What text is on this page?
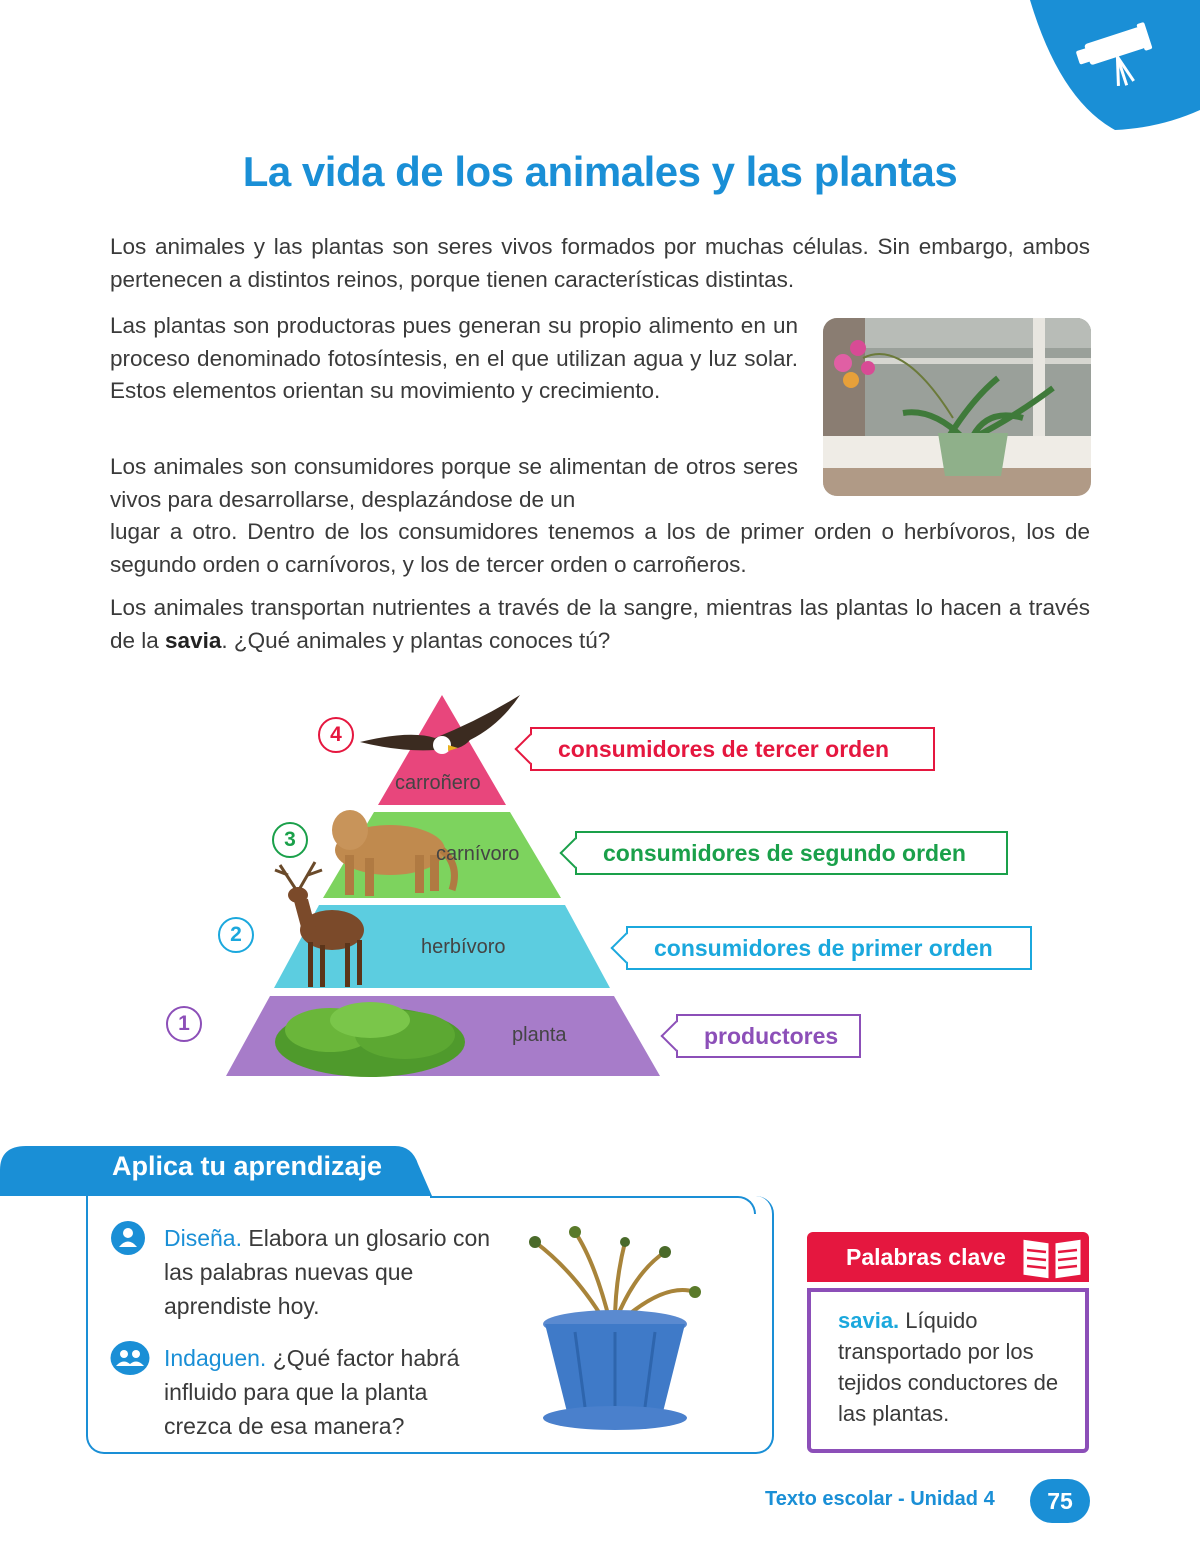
La vida de los animales y las plantas

Los animales y las plantas son seres vivos formados por muchas células. Sin embargo, ambos pertenecen a distintos reinos, porque tienen características distintas.

Las plantas son productoras pues generan su propio alimento en un proceso denominado fotosíntesis, en el que utilizan agua y luz solar. Estos elementos orientan su movimiento y crecimiento.

Los animales son consumidores porque se alimentan de otros seres vivos para desarrollarse, desplazándose de un

lugar a otro. Dentro de los consumidores tenemos a los de primer orden o herbívoros, los de segundo orden o carnívoros, y los de tercer orden o carroñeros.

Los animales transportan nutrientes a través de la sangre, mientras las plantas lo hacen a través de la savia. ¿Qué animales y plantas conoces tú?

carroñero
carnívoro
herbívoro
planta
4
3
2
1
consumidores de tercer orden
consumidores de segundo orden
consumidores de primer orden
productores
Aplica tu aprendizaje
Diseña. Elabora un glosario con las palabras nuevas que aprendiste hoy.
Indaguen. ¿Qué factor habrá influido para que la planta crezca de esa manera?
Palabras clave
savia. Líquido transportado por los tejidos conductores de las plantas.
Texto escolar - Unidad 4 75
